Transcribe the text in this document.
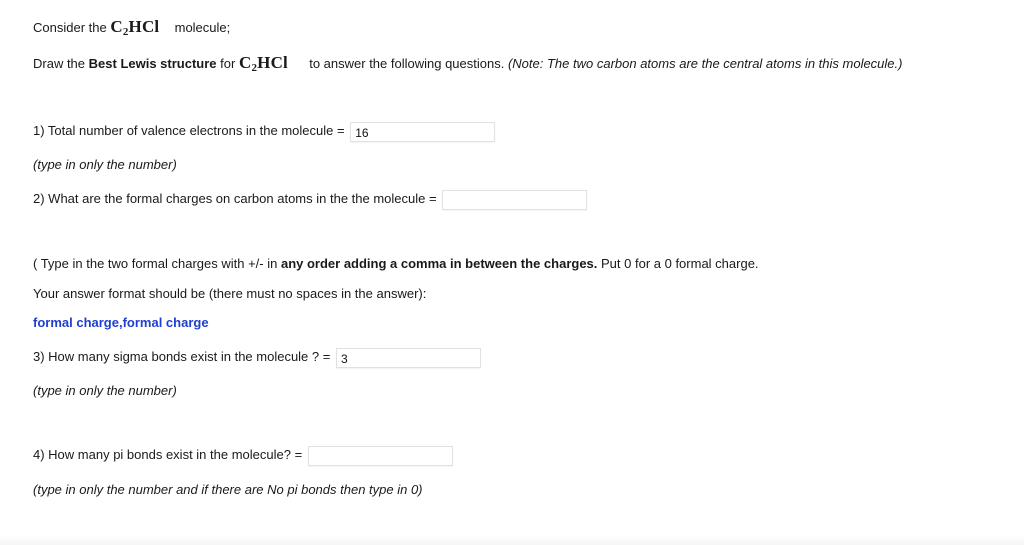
Consider the $C_2HCl$ molecule;
Draw the Best Lewis structure for $C_2HCl$ to answer the following questions. (Note: The two carbon atoms are the central atoms in this molecule.)
1) Total number of valence electrons in the molecule = 16
(type in only the number)
2) What are the formal charges on carbon atoms in the the molecule =
( Type in the two formal charges with +/- in any order adding a comma in between the charges. Put 0 for a 0 formal charge.
Your answer format should be (there must no spaces in the answer):
formal charge,formal charge
3) How many sigma bonds exist in the molecule ? = 3
(type in only the number)
4) How many pi bonds exist in the molecule? =
(type in only the number and if there are No pi bonds then type in 0)
